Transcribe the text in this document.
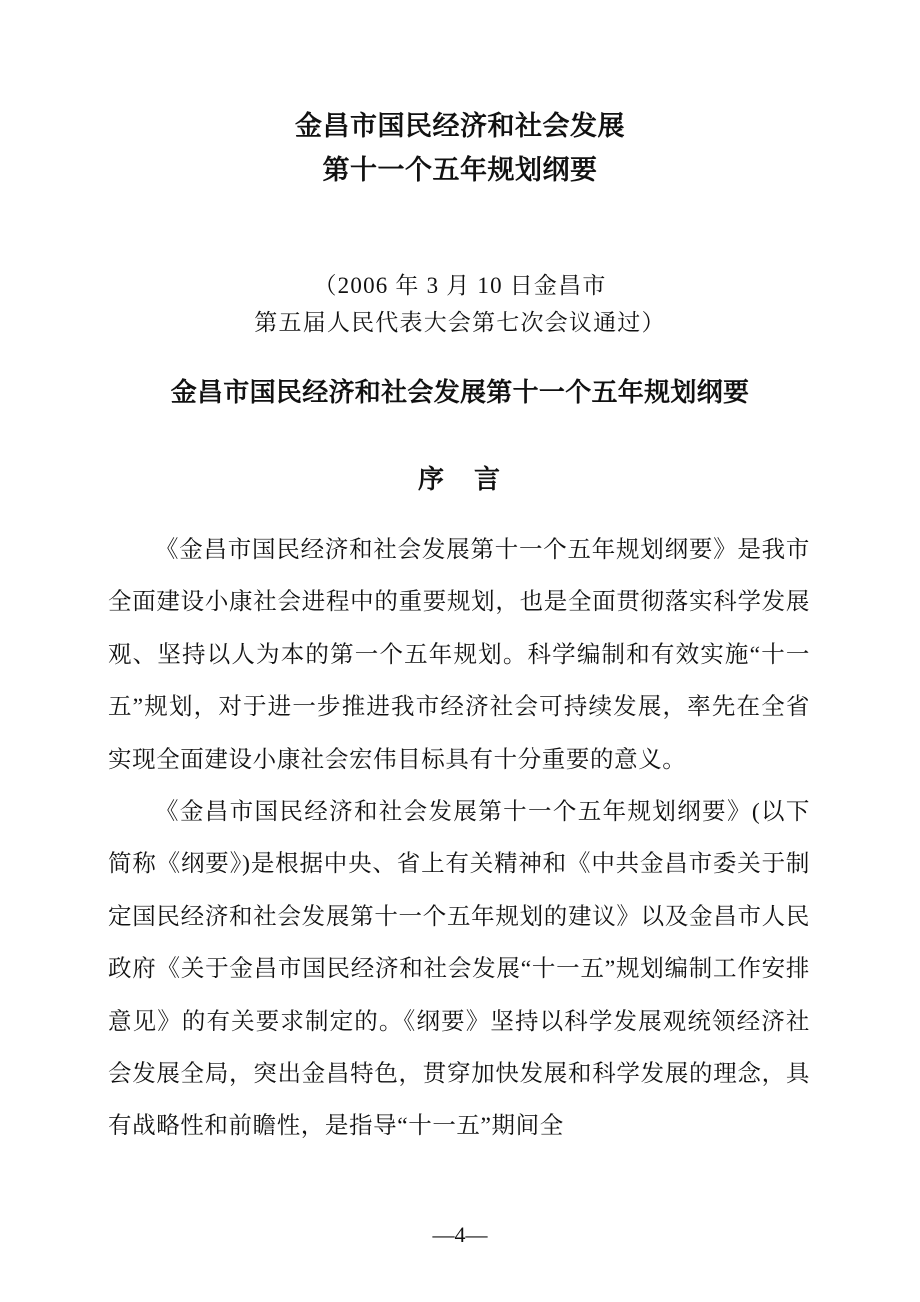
金昌市国民经济和社会发展
第十一个五年规划纲要
（2006 年 3 月 10 日金昌市
第五届人民代表大会第七次会议通过）
金昌市国民经济和社会发展第十一个五年规划纲要
序　言

《金昌市国民经济和社会发展第十一个五年规划纲要》是我市全面建设小康社会进程中的重要规划，也是全面贯彻落实科学发展观、坚持以人为本的第一个五年规划。科学编制和有效实施“十一五”规划，对于进一步推进我市经济社会可持续发展，率先在全省实现全面建设小康社会宏伟目标具有十分重要的意义。

《金昌市国民经济和社会发展第十一个五年规划纲要》(以下简称《纲要》)是根据中央、省上有关精神和《中共金昌市委关于制定国民经济和社会发展第十一个五年规划的建议》以及金昌市人民政府《关于金昌市国民经济和社会发展“十一五”规划编制工作安排意见》的有关要求制定的。《纲要》坚持以科学发展观统领经济社会发展全局，突出金昌特色，贯穿加快发展和科学发展的理念，具有战略性和前瞻性，是指导“十一五”期间全

—4—
